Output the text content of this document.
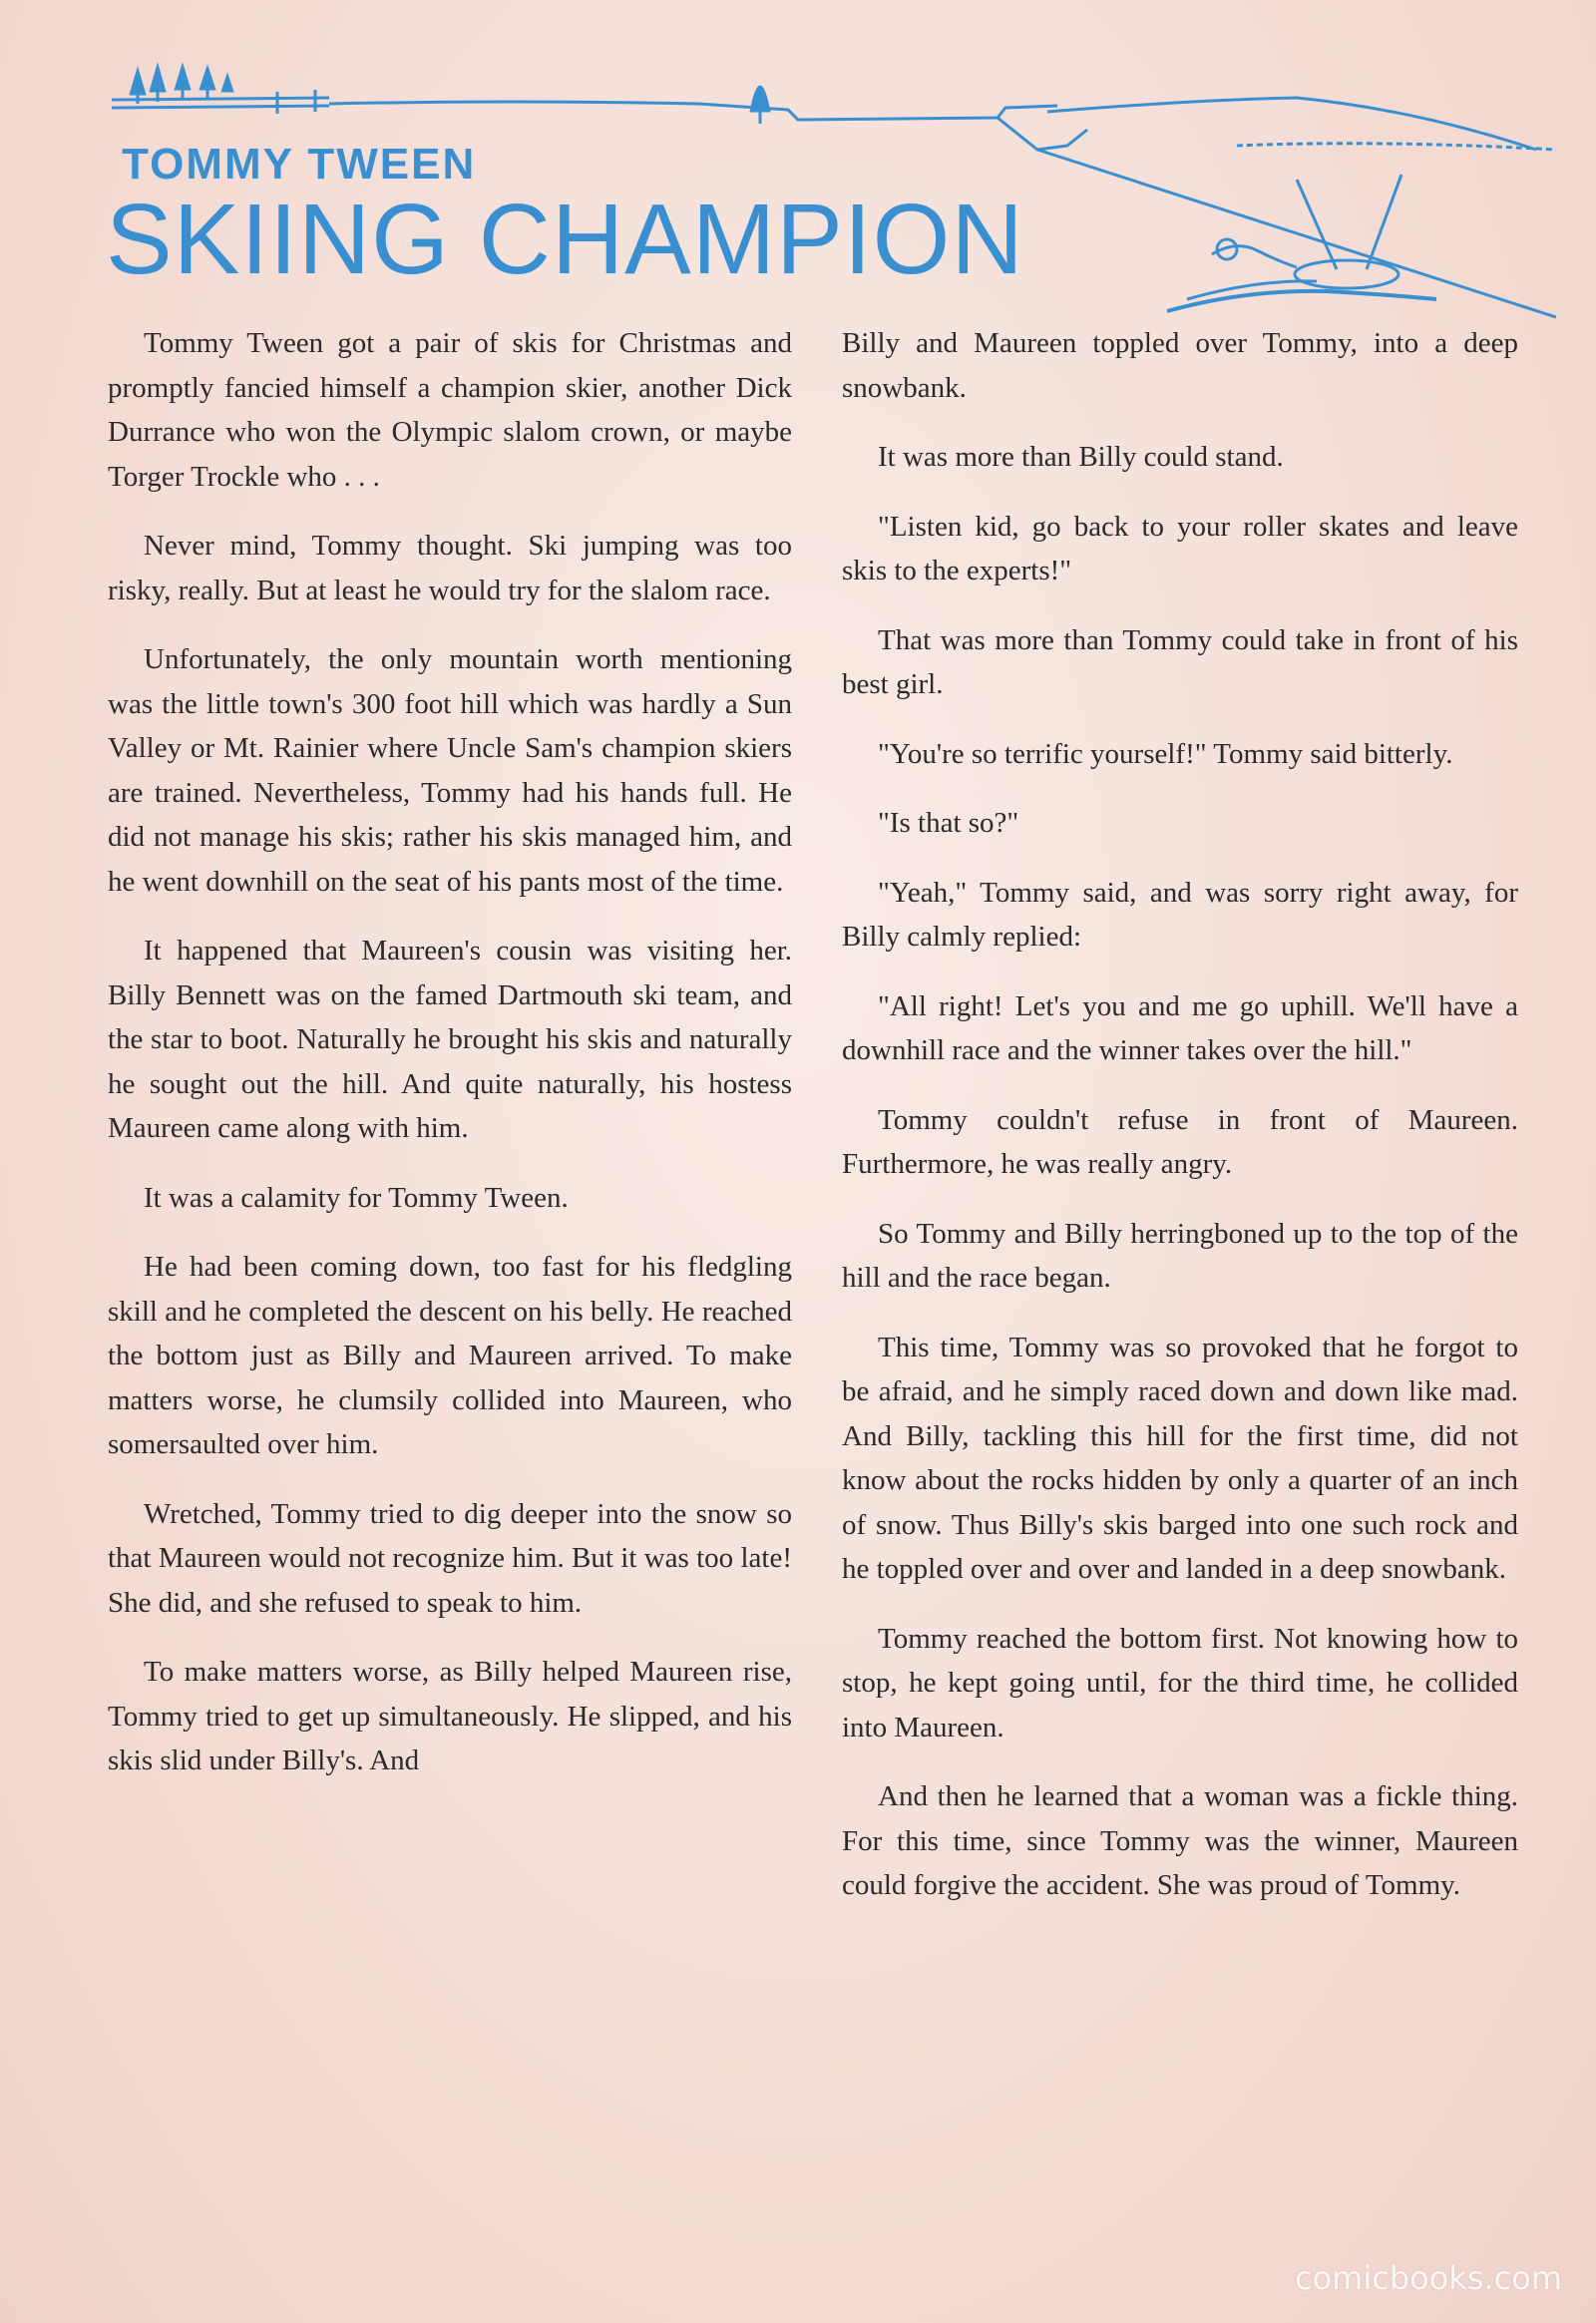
TOMMY TWEEN
SKIING CHAMPION

Tommy Tween got a pair of skis for Christmas and promptly fancied himself a champion skier, another Dick Durrance who won the Olympic slalom crown, or maybe Torger Trockle who . . .

Never mind, Tommy thought. Ski jumping was too risky, really. But at least he would try for the slalom race.

Unfortunately, the only mountain worth mentioning was the little town's 300 foot hill which was hardly a Sun Valley or Mt. Rainier where Uncle Sam's champion skiers are trained. Nevertheless, Tommy had his hands full. He did not manage his skis; rather his skis managed him, and he went downhill on the seat of his pants most of the time.

It happened that Maureen's cousin was visiting her. Billy Bennett was on the famed Dartmouth ski team, and the star to boot. Naturally he brought his skis and naturally he sought out the hill. And quite naturally, his hostess Maureen came along with him.

It was a calamity for Tommy Tween.

He had been coming down, too fast for his fledgling skill and he completed the descent on his belly. He reached the bottom just as Billy and Maureen arrived. To make matters worse, he clumsily collided into Maureen, who somersaulted over him.

Wretched, Tommy tried to dig deeper into the snow so that Maureen would not recognize him. But it was too late! She did, and she refused to speak to him.

To make matters worse, as Billy helped Maureen rise, Tommy tried to get up simultaneously. He slipped, and his skis slid under Billy's. And

Billy and Maureen toppled over Tommy, into a deep snowbank.

It was more than Billy could stand.

"Listen kid, go back to your roller skates and leave skis to the experts!"

That was more than Tommy could take in front of his best girl.

"You're so terrific yourself!" Tommy said bitterly.

"Is that so?"

"Yeah," Tommy said, and was sorry right away, for Billy calmly replied:

"All right! Let's you and me go uphill. We'll have a downhill race and the winner takes over the hill."

Tommy couldn't refuse in front of Maureen. Furthermore, he was really angry.

So Tommy and Billy herringboned up to the top of the hill and the race began.

This time, Tommy was so provoked that he forgot to be afraid, and he simply raced down and down like mad. And Billy, tackling this hill for the first time, did not know about the rocks hidden by only a quarter of an inch of snow. Thus Billy's skis barged into one such rock and he toppled over and over and landed in a deep snowbank.

Tommy reached the bottom first. Not knowing how to stop, he kept going until, for the third time, he collided into Maureen.

And then he learned that a woman was a fickle thing. For this time, since Tommy was the winner, Maureen could forgive the accident. She was proud of Tommy.

comicbooks.com
